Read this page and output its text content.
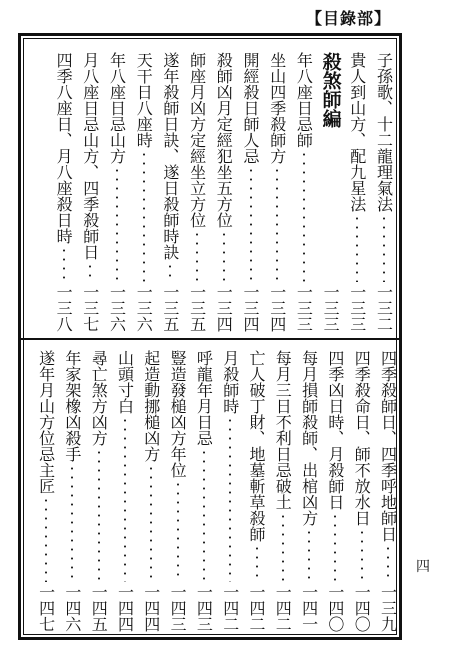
【目錄部】
子孫歌、十二龍理氣法
一三二
貴人到山方、配九星法
一三三
殺煞師編
一三三
年八座日忌師
一三三
坐山四季殺師方
一三四
開經殺日師人忌
一三四
殺師凶月定經犯坐五方位
一三四
師座月凶方定經坐立方位
一三五
遂年殺師日訣、遂日殺師時訣
一三五
天干日八座時
一三六
年八座日忌山方
一三六
月八座日忌山方、四季殺師日
一三七
四季八座日、月八座殺日時
一三八
四季殺師日、四季呼地師日
一三九
四季殺命日、師不放水日
一四〇
四季凶日時、月殺師日
一四〇
每月損師殺師、出棺凶方
一四一
每月三日不利日忌破土
一四二
亡人破丁財、地墓斬草殺師
一四二
月殺師時
一四二
呼龍年月日忌
一四三
豎造發槌凶方年位
一四三
起造動挪槌凶方
一四四
山頭寸白
一四四
尋亡煞方凶方
一四五
年家架橡凶殺手
一四六
遂年月山方位忌主匠
一四七
四
